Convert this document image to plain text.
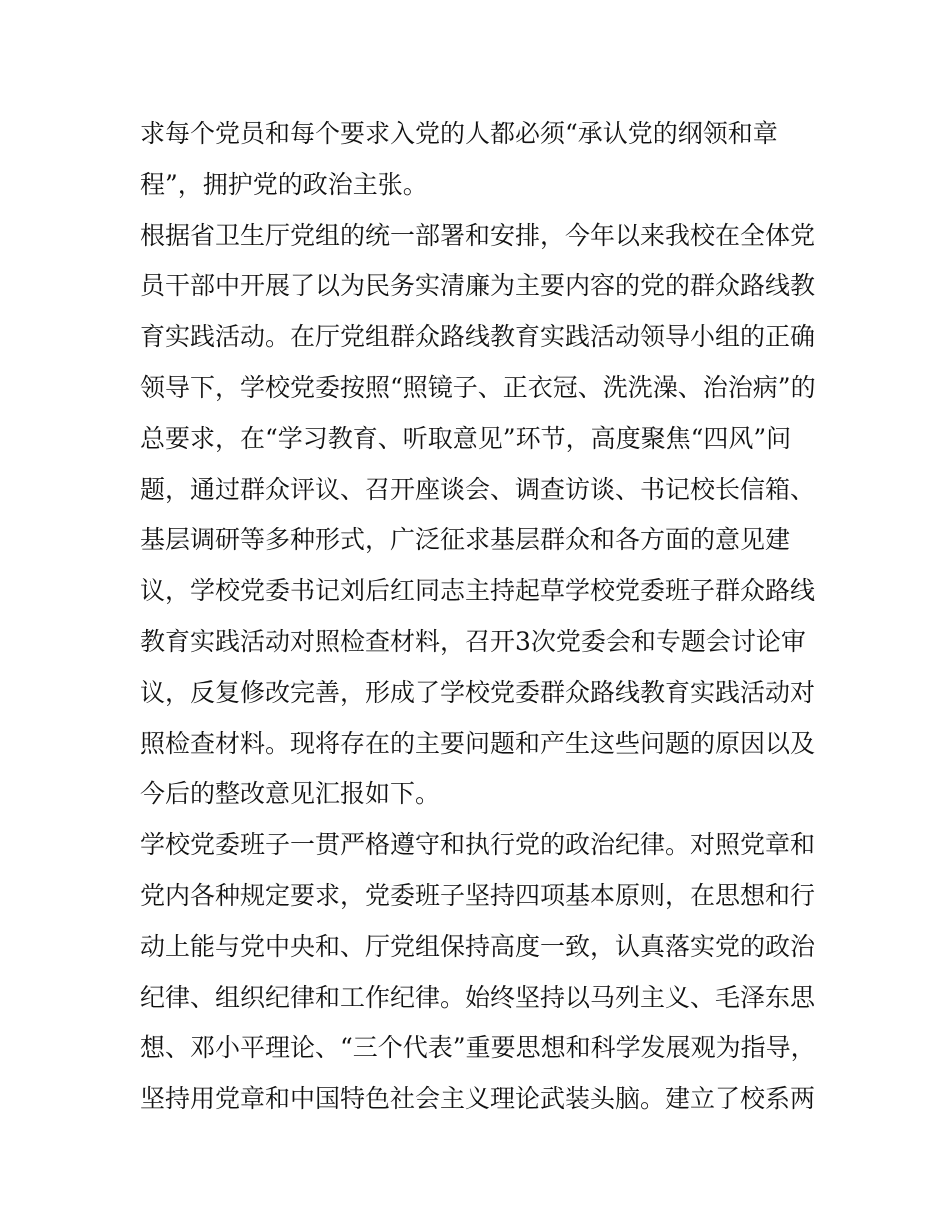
求每个党员和每个要求入党的人都必须“承认党的纲领和章
程”，拥护党的政治主张。

根据省卫生厅党组的统一部署和安排，今年以来我校在全体党
员干部中开展了以为民务实清廉为主要内容的党的群众路线教
育实践活动。在厅党组群众路线教育实践活动领导小组的正确
领导下，学校党委按照“照镜子、正衣冠、洗洗澡、治治病”的
总要求，在“学习教育、听取意见”环节，高度聚焦“四风”问
题，通过群众评议、召开座谈会、调查访谈、书记校长信箱、
基层调研等多种形式，广泛征求基层群众和各方面的意见建
议，学校党委书记刘后红同志主持起草学校党委班子群众路线
教育实践活动对照检查材料，召开3次党委会和专题会讨论审
议，反复修改完善，形成了学校党委群众路线教育实践活动对
照检查材料。现将存在的主要问题和产生这些问题的原因以及
今后的整改意见汇报如下。

学校党委班子一贯严格遵守和执行党的政治纪律。对照党章和
党内各种规定要求，党委班子坚持四项基本原则，在思想和行
动上能与党中央和、厅党组保持高度一致，认真落实党的政治
纪律、组织纪律和工作纪律。始终坚持以马列主义、毛泽东思
想、邓小平理论、“三个代表”重要思想和科学发展观为指导，
坚持用党章和中国特色社会主义理论武装头脑。建立了校系两
